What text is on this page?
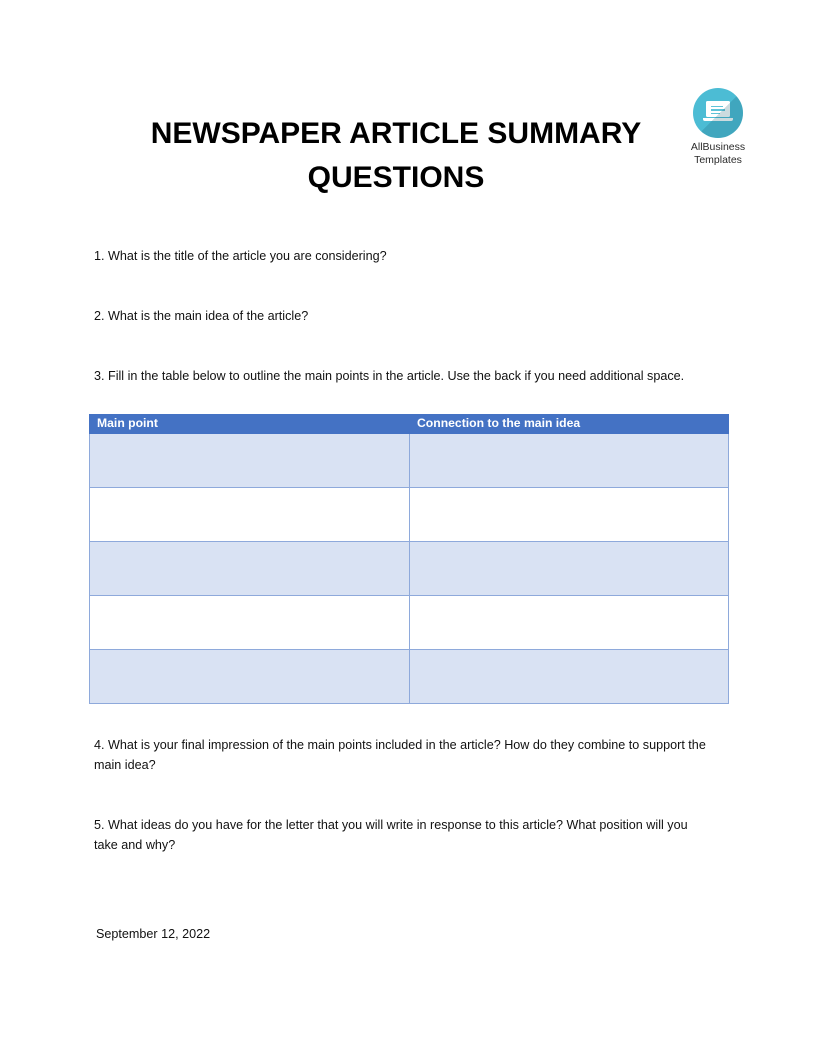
AllBusiness
Templates
NEWSPAPER ARTICLE SUMMARY QUESTIONS
1. What is the title of the article you are considering?
2. What is the main idea of the article?
3. Fill in the table below to outline the main points in the article. Use the back if you need additional space.
Main point	Connection to the main idea

4. What is your final impression of the main points included in the article? How do they combine to support the main idea?
5. What ideas do you have for the letter that you will write in response to this article? What position will you take and why?
September 12, 2022
